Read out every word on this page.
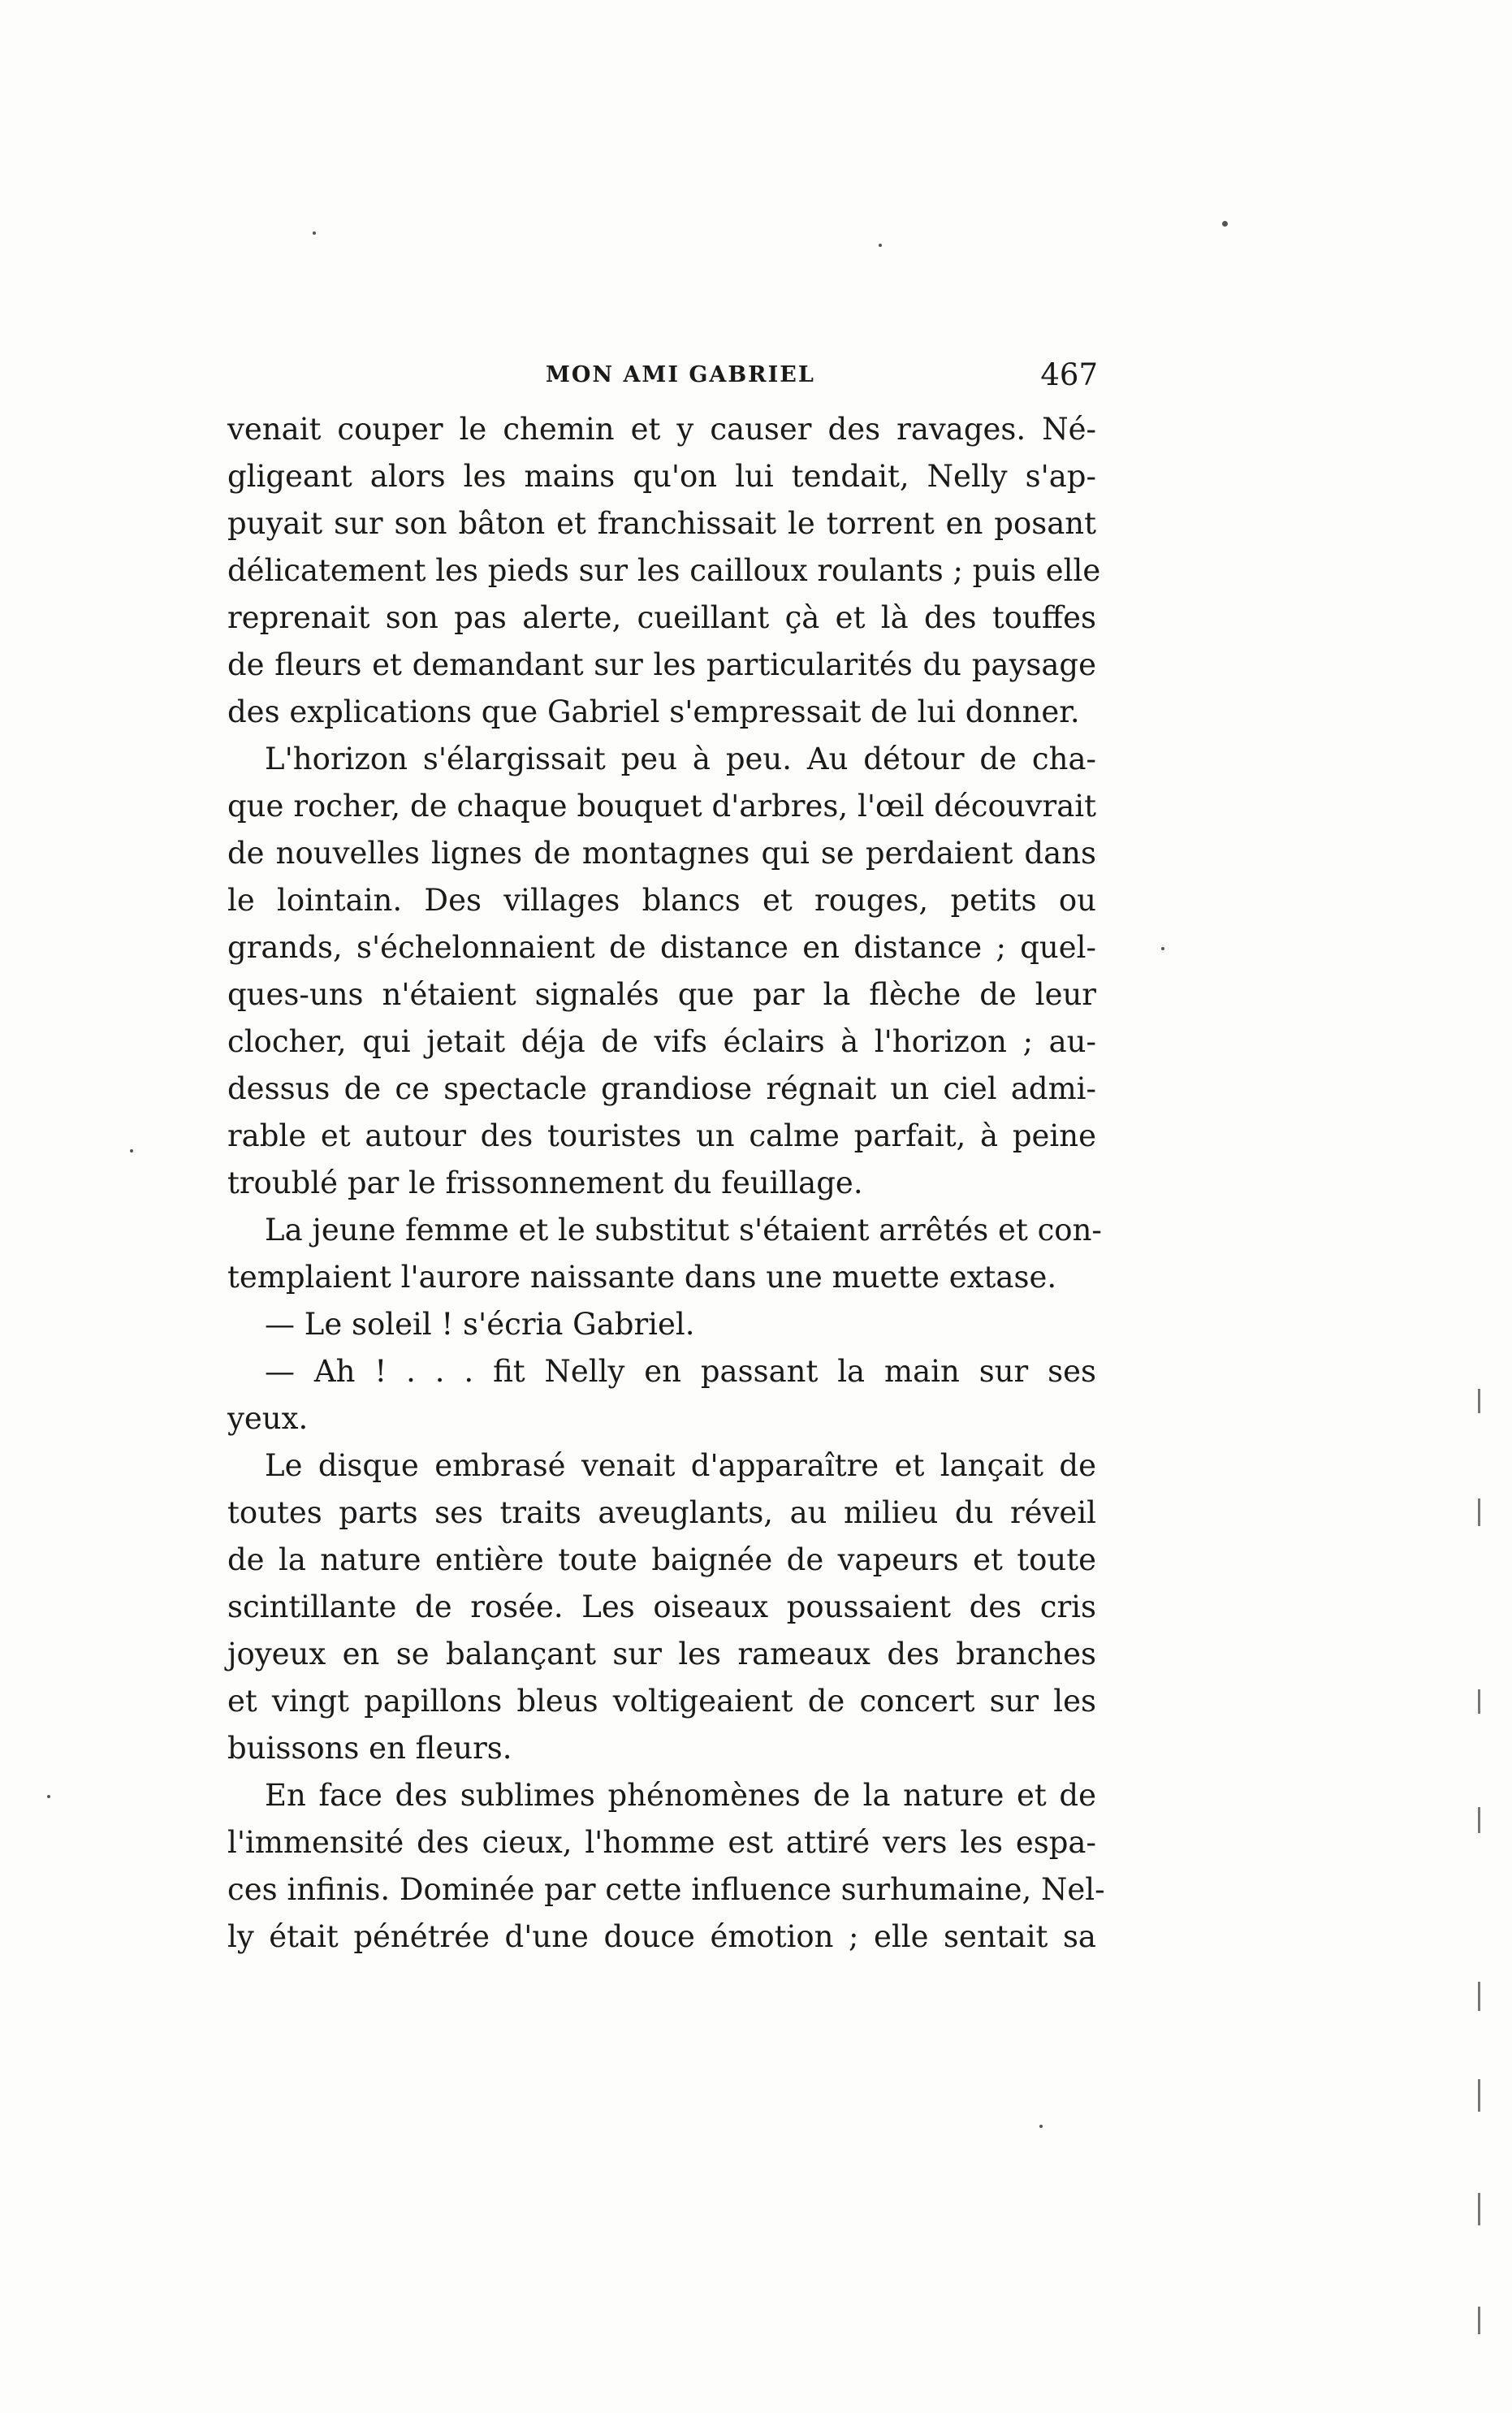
MON AMI GABRIEL	467
venait couper le chemin et y causer des ravages. Né-
gligeant alors les mains qu'on lui tendait, Nelly s'ap-
puyait sur son bâton et franchissait le torrent en posant
délicatement les pieds sur les cailloux roulants ; puis elle
reprenait son pas alerte, cueillant çà et là des touffes
de fleurs et demandant sur les particularités du paysage
des explications que Gabriel s'empressait de lui donner.
L'horizon s'élargissait peu à peu. Au détour de cha-
que rocher, de chaque bouquet d'arbres, l'œil découvrait
de nouvelles lignes de montagnes qui se perdaient dans
le lointain. Des villages blancs et rouges, petits ou
grands, s'échelonnaient de distance en distance ; quel-
ques-uns n'étaient signalés que par la flèche de leur
clocher, qui jetait déja de vifs éclairs à l'horizon ; au-
dessus de ce spectacle grandiose régnait un ciel admi-
rable et autour des touristes un calme parfait, à peine
troublé par le frissonnement du feuillage.
La jeune femme et le substitut s'étaient arrêtés et con-
templaient l'aurore naissante dans une muette extase.
— Le soleil ! s'écria Gabriel.
— Ah ! . . . fit Nelly en passant la main sur ses
yeux.
Le disque embrasé venait d'apparaître et lançait de
toutes parts ses traits aveuglants, au milieu du réveil
de la nature entière toute baignée de vapeurs et toute
scintillante de rosée. Les oiseaux poussaient des cris
joyeux en se balançant sur les rameaux des branches
et vingt papillons bleus voltigeaient de concert sur les
buissons en fleurs.
En face des sublimes phénomènes de la nature et de
l'immensité des cieux, l'homme est attiré vers les espa-
ces infinis. Dominée par cette influence surhumaine, Nel-
ly était pénétrée d'une douce émotion ; elle sentait sa
